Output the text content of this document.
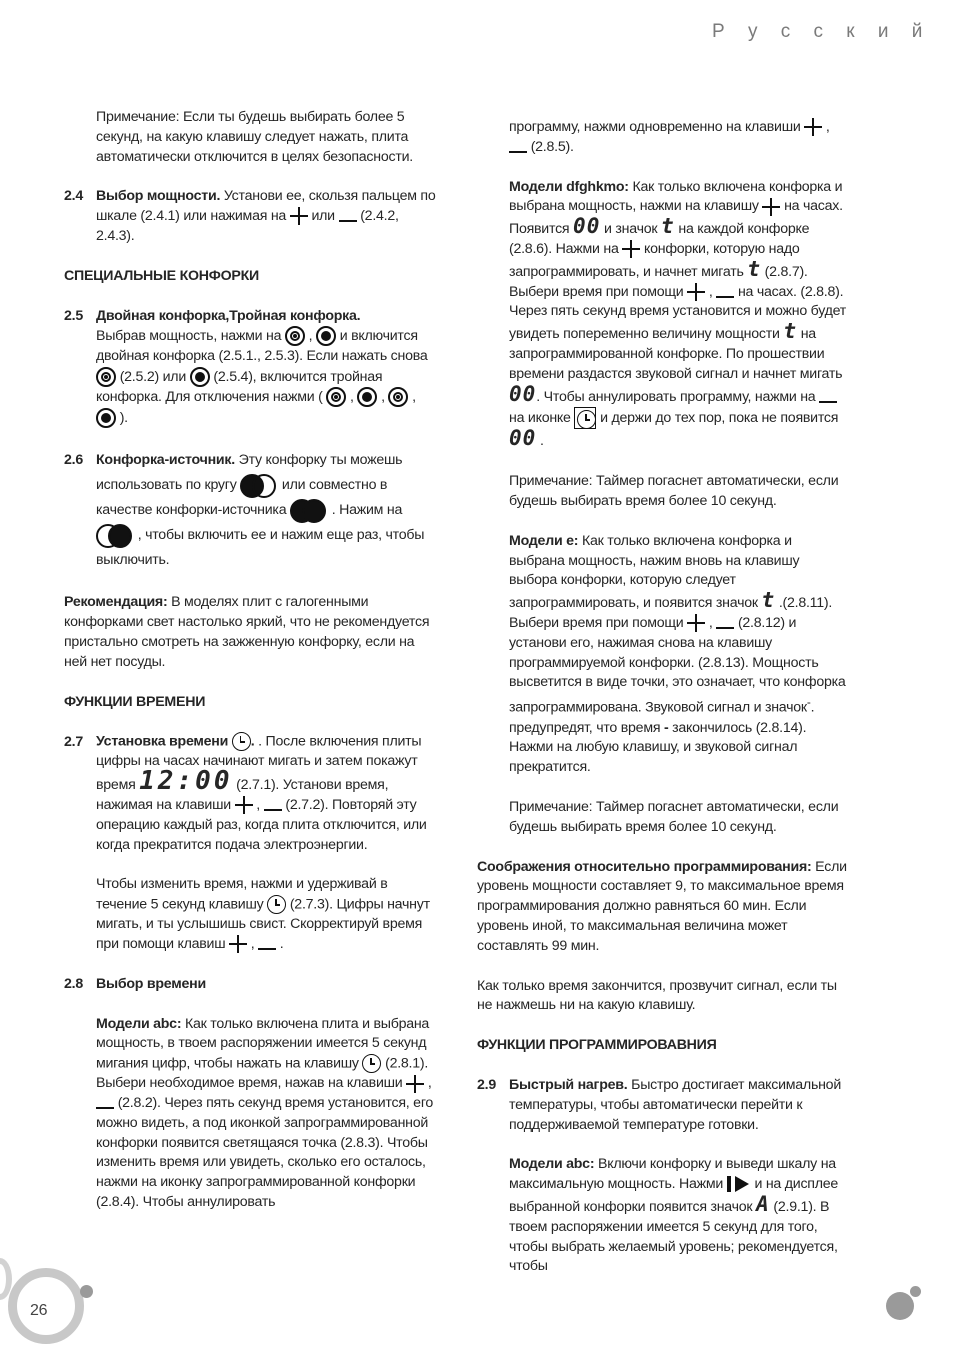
Р у с с к и й

Примечание: Если ты будешь выбирать более 5 секунд, на какую клавишу следует нажать, плита автоматически отключится в целях безопасности.

2.4 Выбор мощности. Установи ее, скользя пальцем по шкале (2.4.1) или нажимая на  или  (2.4.2, 2.4.3).

СПЕЦИАЛЬНЫЕ КОНФОРКИ

2.5 Двойная конфорка,Тройная конфорка.
Выбрав мощность, нажми на  ,  и включится двойная конфорка (2.5.1., 2.5.3). Если нажать снова  (2.5.2) или  (2.5.4), включится тройная конфорка. Для отключения нажми (  ,  ,  ,  ).

2.6 Конфорка-источник. Эту конфорку ты можешь использовать по кругу	или совместно в качестве конфорки-источника	. Нажим на
, чтобы включить ее и нажим еще раз, чтобы выключить.

Рекомендация: В моделях плит с галогенными конфорками свет настолько яркий, что не рекомендуется пристально смотреть на зажженную конфорку, если на ней нет посуды.

ФУНКЦИИ ВРЕМЕНИ

2.7 Установка времени . . После включения плиты цифры на часах начинают мигать и затем покажут время 12:00 (2.7.1). Установи время, нажимая на клавиши  ,  (2.7.2). Повторяй эту операцию каждый раз, когда плита отключится, или когда прекратится подача электроэнергии.

Чтобы изменить время, нажми и удерживай в течение 5 секунд клавишу  (2.7.3). Цифры начнут мигать, и ты услышишь свист. Скорректируй время при помощи клавиш  ,  .

2.8 Выбор времени

Модели abc: Как только включена плита и выбрана мощность, в твоем распоряжении имеется 5 секунд мигания цифр, чтобы нажать на клавишу  (2.8.1). Выбери необходимое время, нажав на клавиши  ,  (2.8.2). Через пять секунд время установится, его можно видеть, а под иконкой запрограммированной конфорки появится светящаяся точка (2.8.3). Чтобы изменить время или увидеть, сколько его осталось, нажми на иконку запрограммированной конфорки (2.8.4). Чтобы аннулировать

программу, нажми одновременно на клавиши  ,  (2.8.5).

Модели dfghkmo: Как только включена конфорка и выбрана мощность, нажми на клавишу  на часах. Появится 00 и значок t на каждой конфорке (2.8.6). Нажми на  конфорки, которую надо запрограммировать, и начнет мигать t (2.8.7). Выбери время при помощи  ,  на часах. (2.8.8). Через пять секунд время установится и можно будет увидеть попеременно величину мощности t на запрограммированной конфорке. По прошествии времени раздастся звуковой сигнал и начнет мигать 00. Чтобы аннулировать программу, нажми на  на иконке
и держи до тех пор, пока не появится 00 .

Примечание: Таймер погаснет автоматически, если будешь выбирать время более 10 секунд.

Модели e: Как только включена конфорка и выбрана мощность, нажим вновь на клавишу выбора конфорки, которую следует запрограммировать, и появится значок t .(2.8.11). Выбери время при помощи  ,  (2.8.12) и установи его, нажимая снова на клавишу программируемой конфорки. (2.8.13). Мощность высветится в виде точки, это означает, что конфорка запрограммирована. Звуковой сигнал и значок-. предупредят, что время - закончилось (2.8.14). Нажми на любую клавишу, и звуковой сигнал прекратится.

Примечание: Таймер погаснет автоматически, если будешь выбирать время более 10 секунд.

Соображения относительно программирования: Если уровень мощности составляет 9, то максимальное время программирования должно равняться 60 мин. Если уровень иной, то максимальная величина может составлять 99 мин.

Как только время закончится, прозвучит сигнал, если ты не нажмешь ни на какую клавишу.

ФУНКЦИИ ПРОГРАММИРОВАВНИЯ

2.9 Быстрый нагрев. Быстро достигает максимальной температуры, чтобы автоматически перейти к поддерживаемой температуре готовки.

Модели abc: Включи конфорку и выведи шкалу на максимальную мощность. Нажми
и на дисплее выбранной конфорки появится значок A (2.9.1). В твоем распоряжении имеется 5 секунд для того, чтобы выбрать желаемый уровень; рекомендуется, чтобы

26
